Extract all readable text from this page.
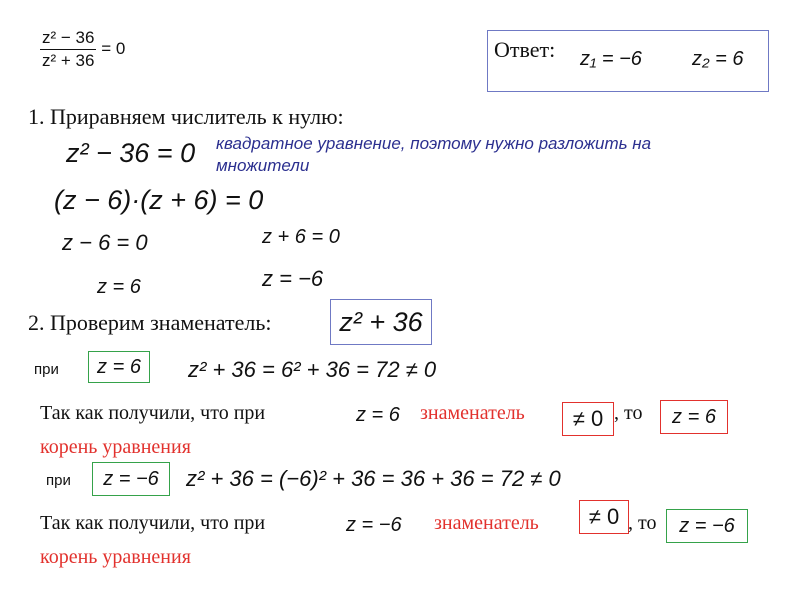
$\frac{\text{z² − 36}}{\text{z² + 36}} = 0$	Ответ: z₁ = −6	z₂ = 6
1. Приравняем числитель к нулю:
z² − 36 = 0 квадратное уравнение, поэтому нужно разложить на множители
(z − 6)·(z + 6) = 0
z − 6 = 0
z = 6
z + 6 = 0
z = −6
2. Проверим знаменатель:	z² + 36
при	z = 6	z² + 36 = 6² + 36 = 72 ≠ 0
Так как получили, что при	z = 6 знаменатель	≠ 0 , то	z = 6
корень уравнения
при	z = −6	z² + 36 = (−6)² + 36 = 36 + 36 = 72 ≠ 0
Так как получили, что при	z = −6 знаменатель	≠ 0 , то	z = −6
корень уравнения
